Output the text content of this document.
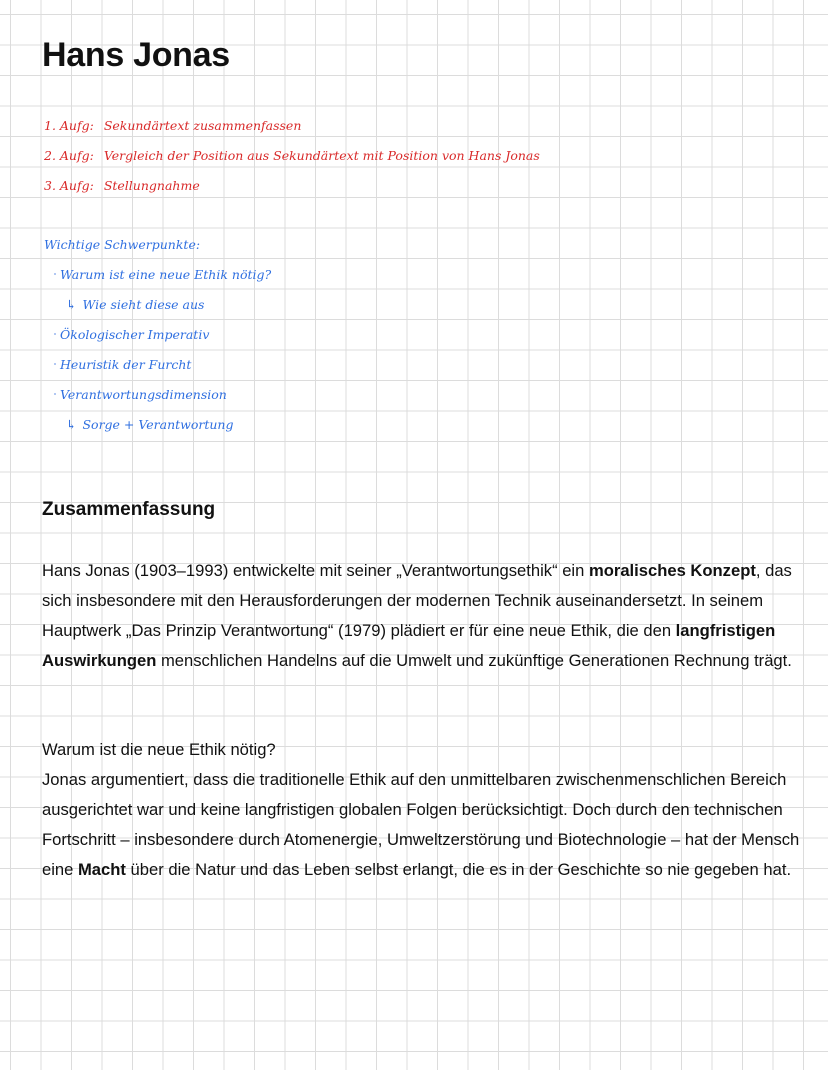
Hans Jonas

1. Aufg: Sekundärtext zusammenfassen

2. Aufg: Vergleich der Position aus Sekundärtext mit Position von Hans Jonas

3. Aufg: Stellungnahme

Wichtige Schwerpunkte:

Warum ist eine neue Ethik nötig?

↳ Wie sieht diese aus

Ökologischer Imperativ

Heuristik der Furcht

Verantwortungsdimension

↳ Sorge + Verantwortung

Zusammenfassung

Hans Jonas (1903–1993) entwickelte mit seiner „Verantwortungsethik“ ein moralisches Konzept, das sich insbesondere mit den Herausforderungen der modernen Technik auseinandersetzt. In seinem Hauptwerk „Das Prinzip Verantwortung“ (1979) plädiert er für eine neue Ethik, die den langfristigen Auswirkungen menschlichen Handelns auf die Umwelt und zukünftige Generationen Rechnung trägt.

Warum ist die neue Ethik nötig?

Jonas argumentiert, dass die traditionelle Ethik auf den unmittelbaren zwischenmenschlichen Bereich ausgerichtet war und keine langfristigen globalen Folgen berücksichtigt. Doch durch den technischen Fortschritt – insbesondere durch Atomenergie, Umweltzerstörung und Biotechnologie – hat der Mensch eine Macht über die Natur und das Leben selbst erlangt, die es in der Geschichte so nie gegeben hat.
